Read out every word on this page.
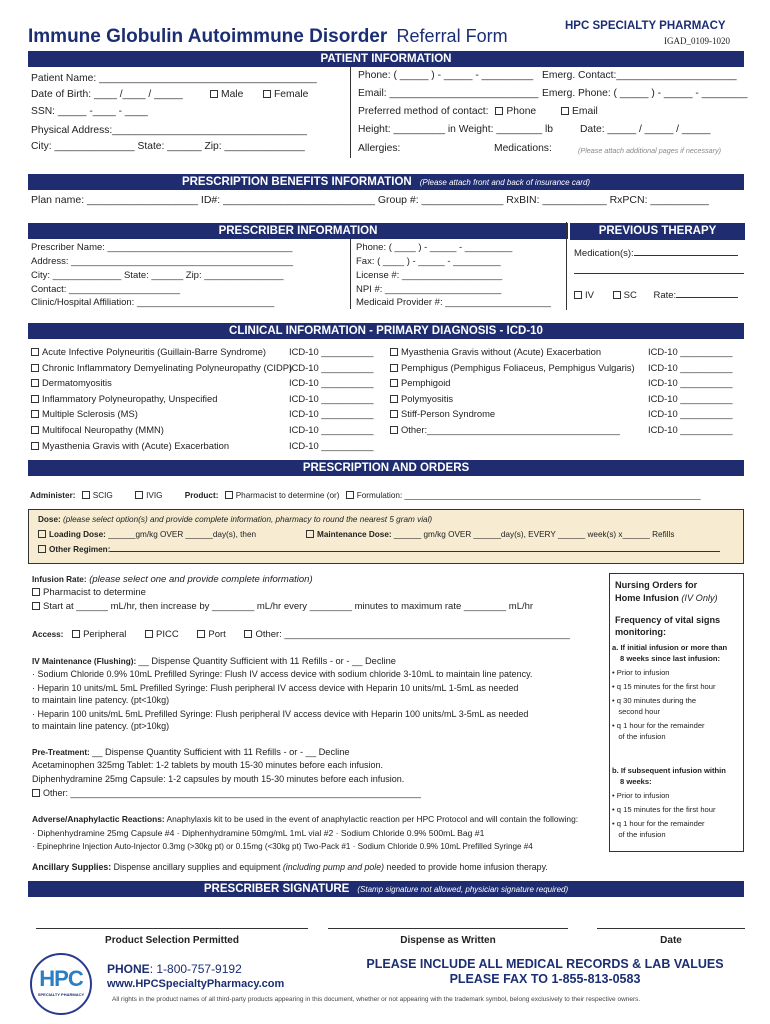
Immune Globulin Autoimmune Disorder Referral Form	HPC SPECIALTY PHARMACY
IGAD_0109-1020
PATIENT INFORMATION
Patient Name: ______________________________________
Date of Birth: ____ /____ / _____	Male	Female
SSN: _____ -____ - ____
Physical Address:__________________________________
City: ______________ State: ______ Zip: ______________
Phone: ( _____ ) - _____ - _________ Emerg. Contact:_____________________
Email: __________________________ Emerg. Phone: ( _____ ) - _____ - ________
Preferred method of contact: Phone	Email
Height: _________ in Weight: ________ lb	Date: _____ / _____ / _____
Allergies:	Medications:	(Please attach additional pages if necessary)
PRESCRIPTION BENEFITS INFORMATION (Please attach front and back of insurance card)
Plan name: ___________________ ID#: __________________________ Group #: ______________ RxBIN: ___________ RxPCN: __________
PRESCRIBER INFORMATION
Prescriber Name: ___________________________________
Address: __________________________________________
City: _____________ State: ______ Zip: _______________
Contact: _____________________
Clinic/Hospital Affiliation: __________________________
Phone: ( ____ ) - _____ - _________
Fax: ( ____ ) - _____ - _________
License #: ___________________
NPI #: ______________________
Medicaid Provider #: ____________________
PREVIOUS THERAPY
Medication(s):
IV	SC Rate:
CLINICAL INFORMATION - PRIMARY DIAGNOSIS - ICD-10
Acute Infective Polyneuritis (Guillain-Barre Syndrome) ICD-10 __________
Chronic Inflammatory Demyelinating Polyneuropathy (CIDP)
ICD-10 __________
Dermatomyositis	ICD-10 __________
Inflammatory Polyneuropathy, Unspecified	ICD-10 __________
Multiple Sclerosis (MS)	ICD-10 __________
Multifocal Neuropathy (MMN)	ICD-10 __________
Myasthenia Gravis with (Acute) Exacerbation	ICD-10 __________
Myasthenia Gravis without (Acute) Exacerbation	ICD-10 __________
Pemphigus (Pemphigus Foliaceus, Pemphigus Vulgaris) ICD-10 __________
Pemphigoid	ICD-10 __________
Polymyositis	ICD-10 __________
Stiff-Person Syndrome	ICD-10 __________
Other:_____________________________________	ICD-10 __________
PRESCRIPTION AND ORDERS
Administer: SCIG	IVIG	Product: Pharmacist to determine (or) Formulation: _________________________________________________________________
Dose: (please select option(s) and provide complete information, pharmacy to round the nearest 5 gram vial)
Loading Dose: ______gm/kg OVER ______day(s), then	Maintenance Dose: ______ gm/kg OVER ______day(s), EVERY ______ week(s) x______ Refills
Other Regimen:
Infusion Rate: (please select one and provide complete information)
Pharmacist to determine
Start at ______ mL/hr, then increase by ________ mL/hr every ________ minutes to maximum rate ________ mL/hr
Access: Peripheral	PICC	Port	Other: ______________________________________________________
IV Maintenance (Flushing): __ Dispense Quantity Sufficient with 11 Refills - or - __ Decline
· Sodium Chloride 0.9% 10mL Prefilled Syringe: Flush IV access device with sodium chloride 3-10mL to maintain line patency.
· Heparin 10 units/mL 5mL Prefilled Syringe: Flush peripheral IV access device with Heparin 10 units/mL 1-5mL as needed
to maintain line patency. (pt<10kg)
· Heparin 100 units/mL 5mL Prefilled Syringe: Flush peripheral IV access device with Heparin 100 units/mL 3-5mL as needed
to maintain line patency. (pt>10kg)
Pre-Treatment: __ Dispense Quantity Sufficient with 11 Refills - or - __ Decline
Acetaminophen 325mg Tablet: 1-2 tablets by mouth 15-30 minutes before each infusion.
Diphenhydramine 25mg Capsule: 1-2 capsules by mouth 15-30 minutes before each infusion.
Other: ______________________________________________________________________
Adverse/Anaphylactic Reactions: Anaphylaxis kit to be used in the event of anaphylactic reaction per HPC Protocol and will contain the following:
· Diphenhydramine 25mg Capsule #4 · Diphenhydramine 50mg/mL 1mL vial #2 · Sodium Chloride 0.9% 500mL Bag #1
· Epinephrine Injection Auto-Injector 0.3mg (>30kg pt) or 0.15mg (<30kg pt) Two-Pack #1 · Sodium Chloride 0.9% 10mL Prefilled Syringe #4
Ancillary Supplies: Dispense ancillary supplies and equipment (including pump and pole) needed to provide home infusion therapy.
Nursing Orders for
Home Infusion (IV Only)
Frequency of vital signs
monitoring:
a. If initial infusion or more than
8 weeks since last infusion:
• Prior to infusion
• q 15 minutes for the first hour
• q 30 minutes during the
second hour
• q 1 hour for the remainder
of the infusion
b. If subsequent infusion within
8 weeks:
• Prior to infusion
• q 15 minutes for the first hour
• q 1 hour for the remainder
of the infusion
PRESCRIBER SIGNATURE (Stamp signature not allowed, physician signature required)
Product Selection Permitted	Dispense as Written	Date
HPC
SPECIALTY PHARMACY
PHONE: 1-800-757-9192
www.HPCSpecialtyPharmacy.com
PLEASE INCLUDE ALL MEDICAL RECORDS & LAB VALUES
PLEASE FAX TO 1-855-813-0583
All rights in the product names of all third-party products appearing in this document, whether or not appearing with the trademark symbol, belong exclusively to their respective owners.
